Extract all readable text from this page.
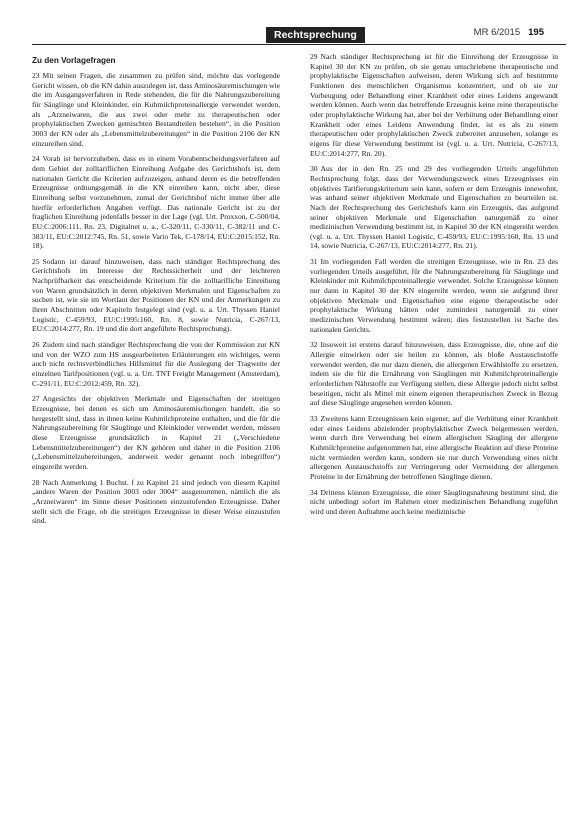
Rechtsprechung	MR 6/2015 195
Zu den Vorlagefragen

23 Mit seinen Fragen, die zusammen zu prüfen sind, möchte das vorlegende Gericht wissen, ob die KN dahin auszulegen ist, dass Aminosäuremischungen wie die im Ausgangsverfahren in Rede stehenden, die für die Nahrungszubereitung für Säuglinge und Kleinkinder, ein Kuhmilchproteinallergie verwendet werden, als „Arzneiwaren, die aus zwei oder mehr zu therapeutischen oder prophylaktischen Zwecken gemischten Bestandteilen bestehen“, in die Position 3003 der KN oder als „Lebensmittelzubereitungen“ in die Position 2106 der KN einzureihen sind.

24 Vorab ist hervorzuheben, dass es in einem Vorabentscheidungsverfahren auf dem Gebiet der zolltariflichen Einreihung Aufgabe des Gerichtshofs ist, dem nationalen Gericht die Kriterien aufzuzeigen, anhand deren es die betreffenden Erzeugnisse ordnungsgemäß in die KN einreihen kann, nicht aber, diese Einreihung selbst vorzunehmen, zumal der Gerichtshof nicht immer über alle hierfür erforderlichen Angaben verfügt. Das nationale Gericht ist zu der fraglichen Einreihung jedenfalls besser in der Lage (vgl. Urt. Proxxon, C-500/04, EU:C:2006:111, Rn. 23, Digitalnet u. a., C-320/11, C-330/11, C-382/11 und C-383/11, EU:C:2012:745, Rn. 51, sowie Vario Tek, C-178/14, EU:C:2015:152, Rn. 18).

25 Sodann ist darauf hinzuweisen, dass nach ständiger Rechtsprechung des Gerichtshofs im Interesse der Rechtssicherheit und der leichteren Nachprüfbarkeit das entscheidende Kriterium für die zolltarifliche Einreihung von Waren grundsätzlich in deren objektiven Merkmalen und Eigenschaften zu suchen ist, wie sie im Wortlaut der Positionen der KN und der Anmerkungen zu ihren Abschnitten oder Kapiteln festgelegt sind (vgl. u. a. Urt. Thyssen Haniel Logistic, C-459/93, EU:C:1995:160, Rn. 8, sowie Nutricia, C-267/13, EU:C:2014:277, Rn. 19 und die dort angeführte Rechtsprechung).

26 Zudem sind nach ständiger Rechtsprechung die von der Kommission zur KN und von der WZO zum HS ausgearbeiteten Erläuterungen ein wichtiges, wenn auch nicht rechtsverbindliches Hilfsmittel für die Auslegung der Tragweite der einzelnen Tarifpositionen (vgl. u. a. Urt. TNT Freight Management (Amsterdam), C-291/11, EU:C:2012:459, Rn. 32).

27 Angesichts der objektiven Merkmale und Eigenschaften der streitigen Erzeugnisse, bei denen es sich um Aminosäuremischungen handelt, die so hergestellt sind, dass in ihnen keine Kuhmilchproteine enthalten, und die für die Nahrungszubereitung für Säuglinge und Kleinkinder verwendet werden, müssen diese Erzeugnisse grundsätzlich in Kapitel 21 („Verschiedene Lebensmittelzubereitungen“) der KN gehören und daher in die Position 2106 („Lebensmittelzubereitungen, anderweit weder genannt noch inbegriffen“) eingereiht werden.

28 Nach Anmerkung 1 Buchst. f zu Kapitel 21 sind jedoch von diesem Kapitel „andere Waren der Position 3003 oder 3004“ ausgenommen, nämlich die als „Arzneiwaren“ im Sinne dieser Positionen einzustufenden Erzeugnisse. Daher stellt sich die Frage, ob die streitigen Erzeugnisse in dieser Weise einzustufen sind.

29 Nach ständiger Rechtsprechung ist für die Einreihung der Erzeugnisse in Kapitel 30 der KN zu prüfen, ob sie genau umschriebene therapeutische und prophylaktische Eigenschaften aufweisen, deren Wirkung sich auf bestimmte Funktionen des menschlichen Organismus konzentriert, und ob sie zur Vorbeugung oder Behandlung einer Krankheit oder eines Leidens angewandt werden können. Auch wenn das betreffende Erzeugnis keine reine therapeutische oder prophylaktische Wirkung hat, aber bei der Verhütung oder Behandlung einer Krankheit oder eines Leidens Anwendung findet, ist es als zu einem therapeutischen oder prophylaktischen Zweck zubereitet anzusehen, solange es eigens für diese Verwendung bestimmt ist (vgl. u. a. Urt. Nutricia, C-267/13, EU:C:2014:277, Rn. 20).

30 Aus der in den Rn. 25 und 29 des vorliegenden Urteils angeführten Rechtsprechung folgt, dass der Verwendungszweck eines Erzeugnisses ein objektives Tarifierungskriterium sein kann, sofern er dem Erzeugnis innewohnt, was anhand seiner objektiven Merkmale und Eigenschaften zu beurteilen ist. Nach der Rechtsprechung des Gerichtshofs kann ein Erzeugnis, das aufgrund seiner objektiven Merkmale und Eigenschaften naturgemäß zu einer medizinischen Verwendung bestimmt ist, in Kapitel 30 der KN eingereiht werden (vgl. u. a. Urt. Thyssen Haniel Logistic, C-459/93, EU:C:1995:160, Rn. 13 und 14, sowie Nutricia, C-267/13, EU:C:2014:277, Rn. 21).

31 Im vorliegenden Fall werden die streitigen Erzeugnisse, wie in Rn. 23 des vorliegenden Urteils ausgeführt, für die Nahrungszubereitung für Säuglinge und Kleinkinder mit Kuhmilchproteinallergie verwendet. Solche Erzeugnisse können nur dann in Kapitel 30 der KN eingereiht werden, wenn sie aufgrund ihrer objektiven Merkmale und Eigenschaften eine eigene therapeutische oder prophylaktische Wirkung hätten oder zumindest naturgemäß zu einer medizinischen Verwendung bestimmt wären; dies festzustellen ist Sache des nationalen Gerichts.

32 Insoweit ist erstens darauf hinzuweisen, dass Erzeugnisse, die, ohne auf die Allergie einwirken oder sie heilen zu können, als bloße Austauschstoffe verwendet werden, die nur dazu dienen, die allergenen Erwählstoffe zu ersetzen, indem sie die für die Ernährung von Säuglingen mit Kuhmilchproteinallergie erforderlichen Nährstoffe zur Verfügung stellen, diese Allergie jedoch nicht selbst beseitigen, nicht als Mittel mit einem eigenen therapeutischen Zweck in Bezug auf diese Säuglinge angesehen werden können.

33 Zweitens kann Erzeugnissen kein eigener, auf die Verhütung einer Krankheit oder eines Leidens abzielender prophylaktischer Zweck beigemessen werden, wenn durch ihre Verwendung bei einem allergischen Säugling der allergene Kuhmilchproteine aufgenommen hat, eine allergische Reaktion auf diese Proteine nicht vermieden werden kann, sondern sie nur durch Verwendung eines nicht allergenen Austauschstoffs zur Verringerung oder Vermeidung der allergenen Proteine in der Ernährung der betroffenen Säuglinge dienen.

34 Drittens können Erzeugnisse, die einer Säuglingsnahrung bestimmt sind, die nicht unbedingt sofort im Rahmen einer medizinischen Behandlung zugeführt wird und deren Aufnahme auch keine medizinische
